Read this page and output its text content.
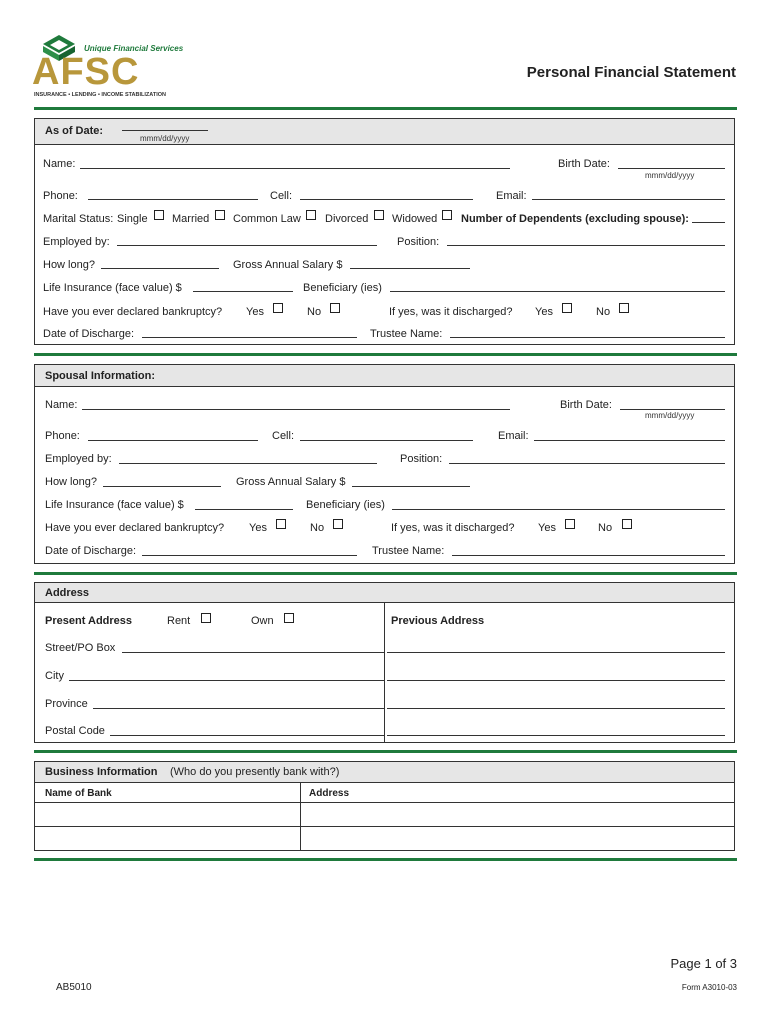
Unique Financial Services
AFSC
INSURANCE • LENDING • INCOME STABILIZATION
Personal Financial Statement
As of Date:
mmm/dd/yyyy
Name:	Birth Date:
mmm/dd/yyyy
Phone:	Cell:	Email:
Marital Status: Single Married Common Law Divorced Widowed Number of Dependents (excluding spouse):
Employed by:	Position:
How long?	Gross Annual Salary $
Life Insurance (face value) $	Beneficiary (ies)
Have you ever declared bankruptcy? Yes	No	If yes, was it discharged? Yes	No
Date of Discharge:	Trustee Name:
Spousal Information:
Name:	Birth Date:
mmm/dd/yyyy
Phone:	Cell:	Email:
Employed by:	Position:
How long?	Gross Annual Salary $
Life Insurance (face value) $	Beneficiary (ies)
Have you ever declared bankruptcy? Yes	No	If yes, was it discharged? Yes	No
Date of Discharge:	Trustee Name:
Address
Present Address	Rent	Own	Previous Address
Street/PO Box
City
Province
Postal Code
Business Information (Who do you presently bank with?)
Name of Bank	Address
Page 1 of 3
AB5010	Form A3010-03
